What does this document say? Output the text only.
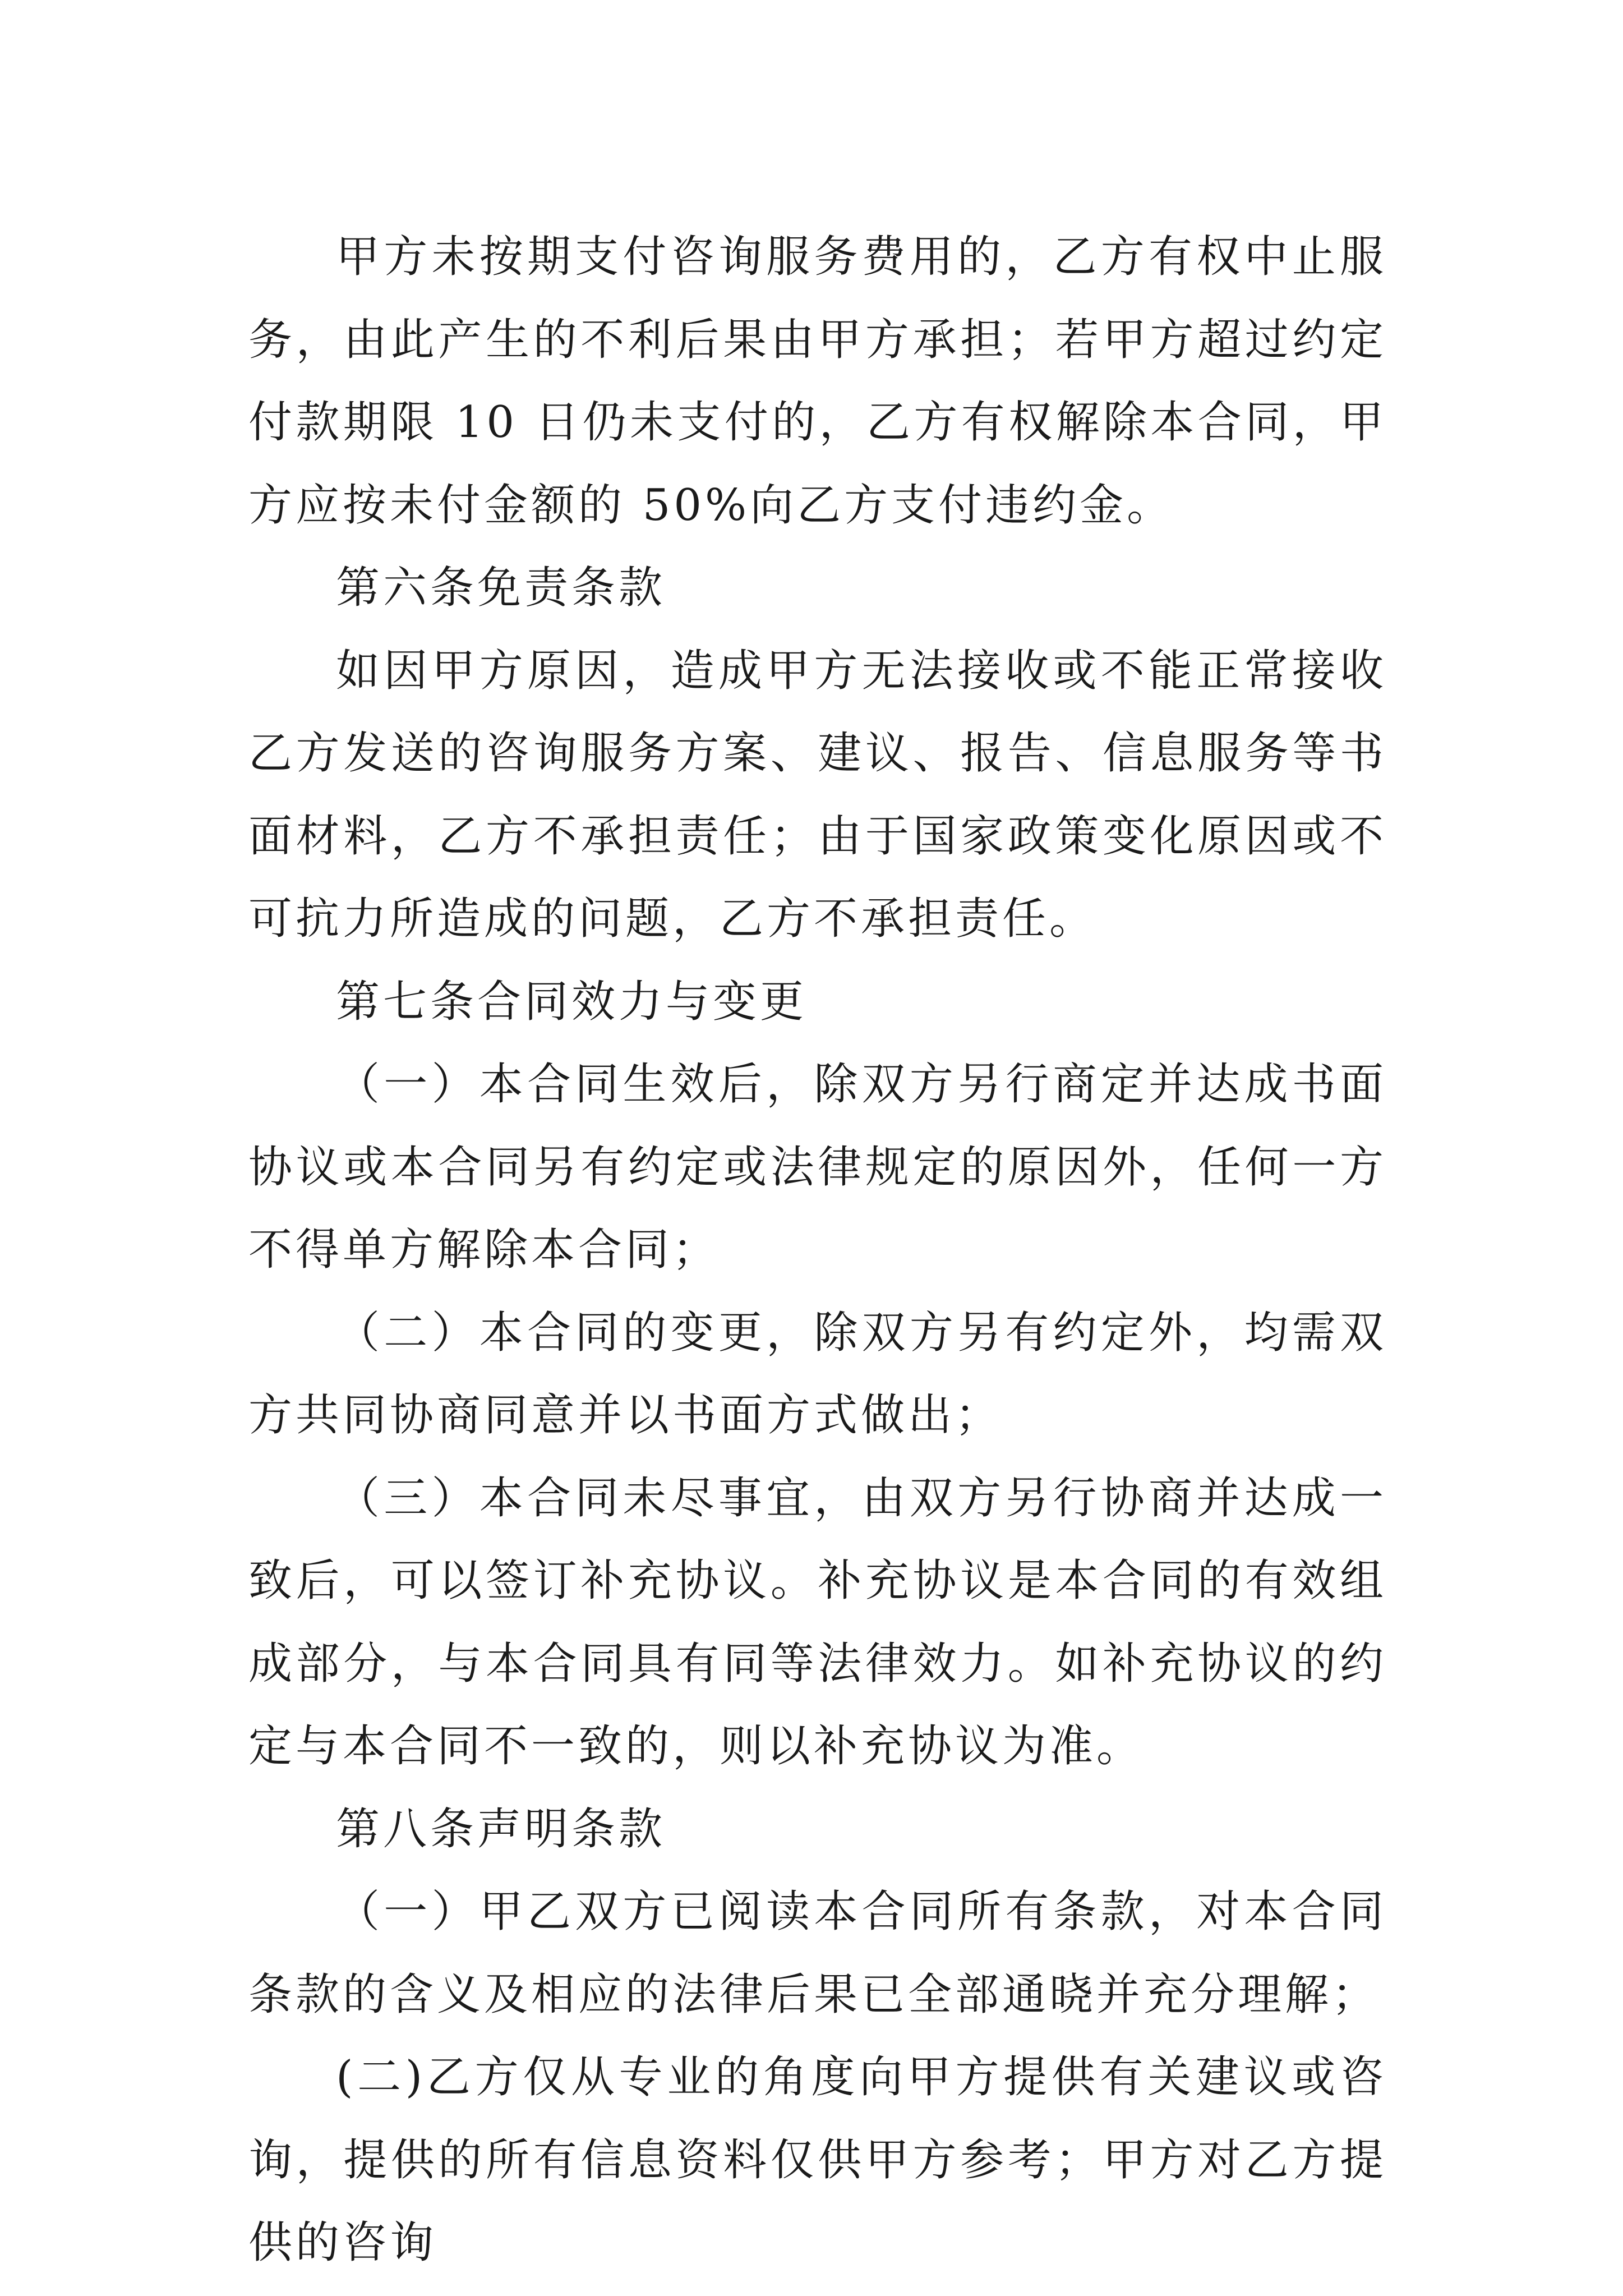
甲方未按期支付咨询服务费用的，乙方有权中止服务，由此产生的不利后果由甲方承担；若甲方超过约定付款期限 10 日仍未支付的，乙方有权解除本合同，甲方应按未付金额的 50%向乙方支付违约金。

第六条免责条款

如因甲方原因，造成甲方无法接收或不能正常接收乙方发送的咨询服务方案、建议、报告、信息服务等书面材料，乙方不承担责任；由于国家政策变化原因或不可抗力所造成的问题，乙方不承担责任。

第七条合同效力与变更

（一）本合同生效后，除双方另行商定并达成书面协议或本合同另有约定或法律规定的原因外，任何一方不得单方解除本合同；

（二）本合同的变更，除双方另有约定外，均需双方共同协商同意并以书面方式做出；

（三）本合同未尽事宜，由双方另行协商并达成一致后，可以签订补充协议。补充协议是本合同的有效组成部分，与本合同具有同等法律效力。如补充协议的约定与本合同不一致的，则以补充协议为准。

第八条声明条款

（一）甲乙双方已阅读本合同所有条款，对本合同条款的含义及相应的法律后果已全部通晓并充分理解；

(二)乙方仅从专业的角度向甲方提供有关建议或咨询，提供的所有信息资料仅供甲方参考；甲方对乙方提供的咨询
